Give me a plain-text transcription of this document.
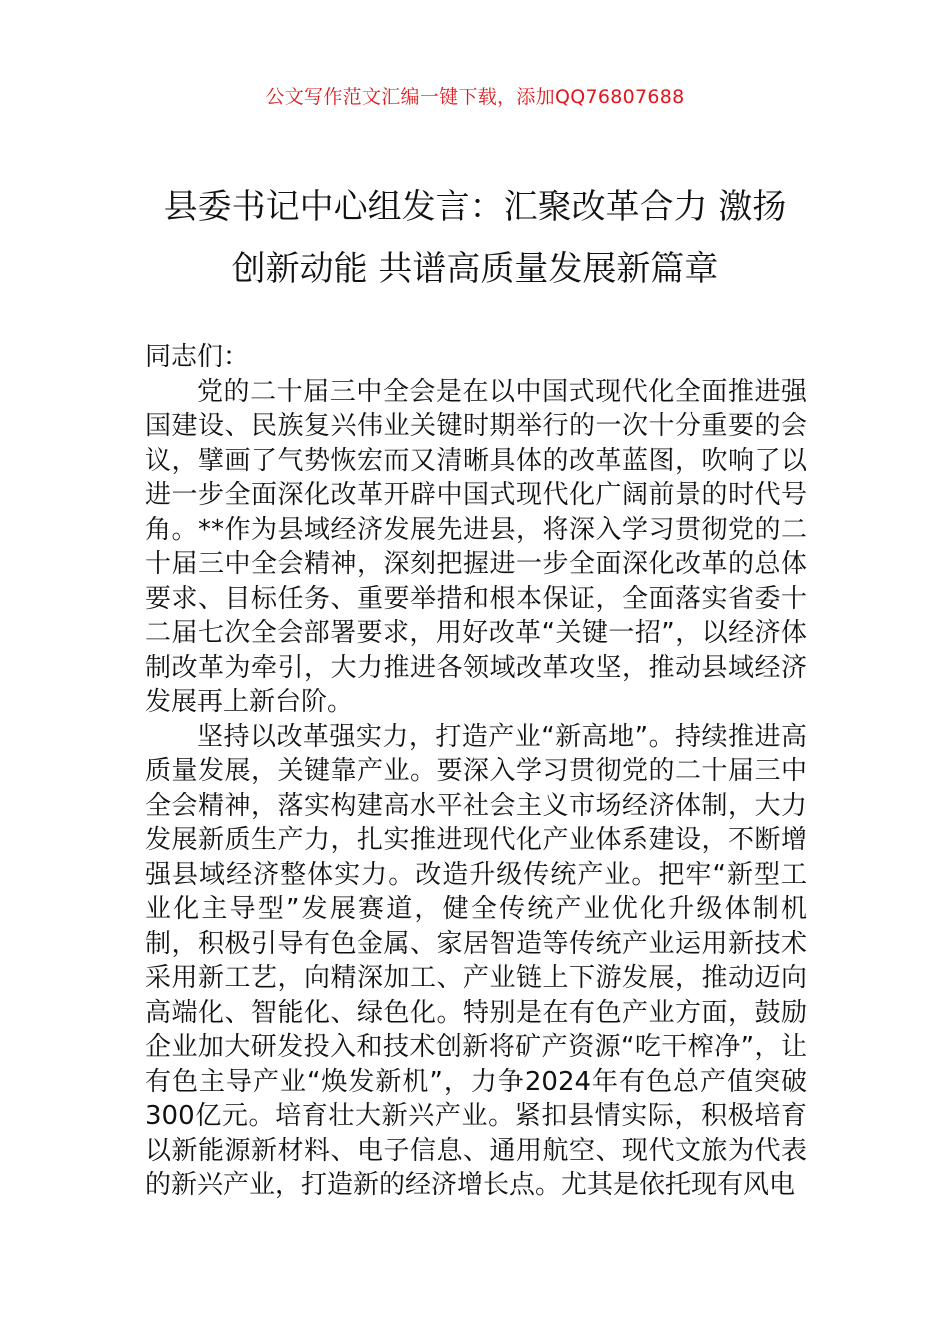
公文写作范文汇编一键下载，添加QQ76807688
县委书记中心组发言：汇聚改革合力 激扬
创新动能 共谱高质量发展新篇章

同志们：

党的二十届三中全会是在以中国式现代化全面推进强国建设、民族复兴伟业关键时期举行的一次十分重要的会议，擘画了气势恢宏而又清晰具体的改革蓝图，吹响了以进一步全面深化改革开辟中国式现代化广阔前景的时代号角。**作为县域经济发展先进县，将深入学习贯彻党的二十届三中全会精神，深刻把握进一步全面深化改革的总体要求、目标任务、重要举措和根本保证，全面落实省委十二届七次全会部署要求，用好改革“关键一招”，以经济体制改革为牵引，大力推进各领域改革攻坚，推动县域经济发展再上新台阶。

坚持以改革强实力，打造产业“新高地”。持续推进高质量发展，关键靠产业。要深入学习贯彻党的二十届三中全会精神，落实构建高水平社会主义市场经济体制，大力发展新质生产力，扎实推进现代化产业体系建设，不断增强县域经济整体实力。改造升级传统产业。把牢“新型工业化主导型”发展赛道，健全传统产业优化升级体制机制，积极引导有色金属、家居智造等传统产业运用新技术采用新工艺，向精深加工、产业链上下游发展，推动迈向高端化、智能化、绿色化。特别是在有色产业方面，鼓励企业加大研发投入和技术创新将矿产资源“吃干榨净”，让有色主导产业“焕发新机”，力争2024年有色总产值突破300亿元。培育壮大新兴产业。紧扣县情实际，积极培育以新能源新材料、电子信息、通用航空、现代文旅为代表的新兴产业，打造新的经济增长点。尤其是依托现有风电
